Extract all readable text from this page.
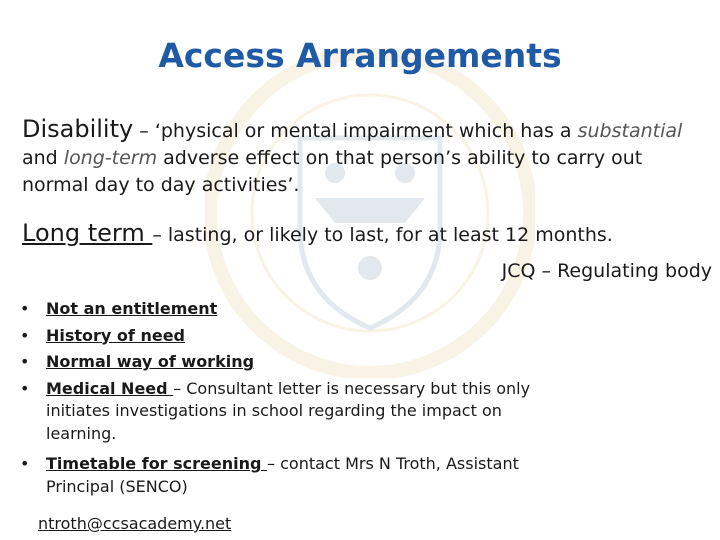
Access Arrangements
Disability – ‘physical or mental impairment which has a substantial
and long-term adverse effect on that person’s ability to carry out normal day to day activities’.
Long term – lasting, or likely to last, for at least 12 months.
JCQ – Regulating body
• Not an entitlement
• History of need
• Normal way of working
• Medical Need – Consultant letter is necessary but this only initiates investigations in school regarding the impact on learning.
• Timetable for screening – contact Mrs N Troth, Assistant Principal (SENCO)
ntroth@ccsacademy.net
